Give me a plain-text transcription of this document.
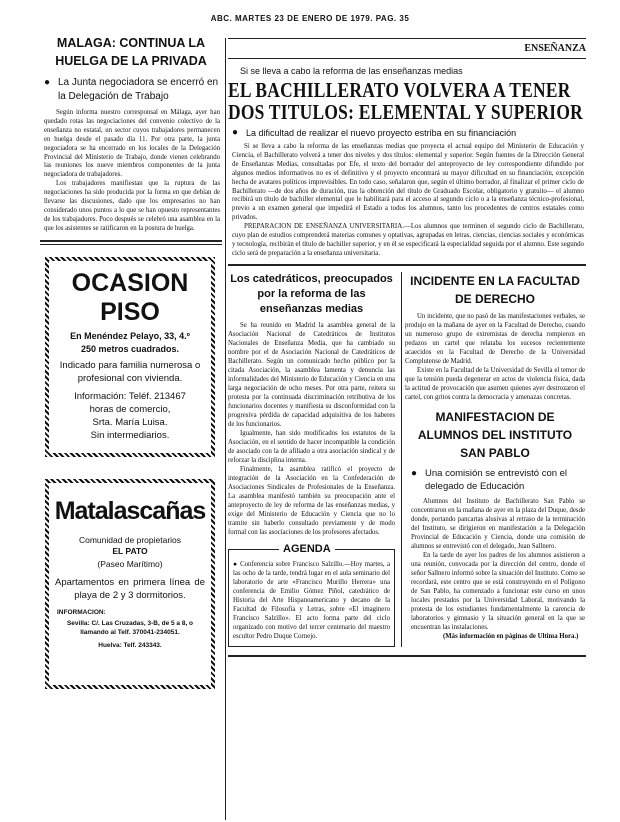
ABC. MARTES 23 DE ENERO DE 1979. PAG. 35
MALAGA: CONTINUA LA HUELGA DE LA PRIVADA
● La Junta negociadora se encerró en la Delegación de Trabajo

Según informa nuestro corresponsal en Málaga, ayer han quedado rotas las negociaciones del convenio colectivo de la enseñanza no estatal, un sector cuyos trabajadores permanecen en huelga desde el pasado día 11. Por otra parte, la junta negociadora se ha encerrado en los locales de la Delegación Provincial del Ministerio de Trabajo, donde vienen celebrando las reuniones los nueve miembros componentes de la junta negociadora de trabajadores.

Los trabajadores manifiestan que la ruptura de las negociaciones ha sido producida por la forma en que debían de llevarse las discusiones, dado que los empresarios no han considerado unos puntos a lo que se han opuesto representantes de los trabajadores. Poco después se celebró una asamblea en la que los asistentes se ratificaron en la postura de huelga.

OCASION
PISO
En Menéndez Pelayo, 33, 4.º
250 metros cuadrados.
Indicado para familia numerosa o profesional con vivienda.
Información: Teléf. 213467
horas de comercio,
Srta. María Luisa.
Sin intermediarios.
Matalascañas
Comunidad de propietarios
EL PATO
(Paseo Marítimo)
Apartamentos en primera línea de playa de 2 y 3 dormitorios.
INFORMACION:
Sevilla: C/. Las Cruzadas, 3-B, de 5 a 8, o llamando al Telf. 370041-234051.
Huelva: Telf. 243343.
ENSEÑANZA
Si se lleva a cabo la reforma de las enseñanzas medias
EL BACHILLERATO VOLVERA A TENER
DOS TITULOS: ELEMENTAL Y SUPERIOR
● La dificultad de realizar el nuevo proyecto estriba en su financiación

Si se lleva a cabo la reforma de las enseñanzas medias que proyecta el actual equipo del Ministerio de Educación y Ciencia, el Bachillerato volverá a tener dos niveles y dos títulos: elemental y superior. Según fuentes de la Dirección General de Enseñanzas Medias, consultadas por Efe, el texto del borrador del anteproyecto de ley correspondiente difundido por algunos medios informativos no es el definitivo y el proyecto encontrará su mayor dificultad en su financiación, excepción hecha de avatares políticos imprevisibles. En todo caso, señalaron que, según el último borrador, al finalizar el primer ciclo de Bachillerato —de dos años de duración, tras la obtención del título de Graduado Escolar, obligatorio y gratuito— el alumno recibirá un título de bachiller elemental que le habilitará para el acceso al segundo ciclo o a la enseñanza técnico-profesional, previo a un examen general que impedirá el Estado a todos los alumnos, tanto los procedentes de centros estatales como privados.

PREPARACION DE ENSEÑANZA UNIVERSITARIA.—Los alumnos que terminen el segundo ciclo de Bachillerato, cuyo plan de estudios comprenderá materias comunes y optativas, agrupadas en letras, ciencias, ciencias sociales y económicas y tecnología, recibirán el título de bachiller superior, y en él se especificará la especialidad seguida por el alumno. Este segundo ciclo será de preparación a la enseñanza universitaria.

Los catedráticos, preocupados por la reforma de las enseñanzas medias

Se ha reunido en Madrid la asamblea general de la Asociación Nacional de Catedráticos de Institutos Nacionales de Enseñanza Media, que ha cambiado su nombre por el de Asociación Nacional de Catedráticos de Bachillerato. Según un comunicado hecho público por la citada Asociación, la asamblea lamenta y denuncia las informalidades del Ministerio de Educación y Ciencia en una larga negociación de ocho meses. Por otra parte, reitera su protesta por la continuada discriminación retributiva de los funcionarios docentes y manifiesta su disconformidad con la progresiva pérdida de capacidad adquisitiva de los haberes de los funcionarios.

Igualmente, han sido modificados los estatutos de la Asociación, en el sentido de hacer incompatible la condición de asociado con la de afiliado a otra asociación sindical y de reforzar la disciplina interna.

Finalmente, la asamblea ratificó el proyecto de integración de la Asociación en la Confederación de Asociaciones Sindicales de Profesionales de la Enseñanza. La asamblea manifestó también su preocupación ante el anteproyecto de ley de reforma de las enseñanzas medias, y exige del Ministerio de Educación y Ciencia que no lo tramite sin haberlo consultado previamente y de modo formal con las asociaciones de los profesores afectados.

AGENDA
● Conferencia sobre Francisco Salzillo.—Hoy martes, a las ocho de la tarde, tendrá lugar en el aula seminario del laboratorio de arte «Francisco Murillo Herrera» una conferencia de Emilio Gómez Piñol, catedrático de Historia del Arte Hispanoamericano y decano de la Facultad de Filosofía y Letras, sobre «El imaginero Francisco Salzillo». El acto forma parte del ciclo organizado con motivo del tercer centenario del maestro escultor Pedro Duque Cornejo.
INCIDENTE EN LA FACULTAD DE DERECHO

Un incidente, que no pasó de las manifestaciones verbales, se produjo en la mañana de ayer en la Facultad de Derecho, cuando un numeroso grupo de extremistas de derecha rompieron en pedazos un cartel que relataba los sucesos recientemente acaecidos en la Facultad de Derecho de la Universidad Complutense de Madrid.

Existe en la Facultad de la Universidad de Sevilla el temor de que la tensión pueda degenerar en actos de violencia física, dada la actitud de provocación que asumen quienes ayer destrozaron el cartel, con gritos contra la democracia y amenazas concretas.

MANIFESTACION DE ALUMNOS DEL INSTITUTO SAN PABLO
● Una comisión se entrevistó con el delegado de Educación

Alumnos del Instituto de Bachillerato San Pablo se concentraron en la mañana de ayer en la plaza del Duque, desde donde, portando pancartas alusivas al retraso de la terminación del Instituto, se dirigieron en manifestación a la Delegación Provincial de Educación y Ciencia, donde una comisión de alumnos se entrevistó con el delegado, Juan Sallnero.

En la tarde de ayer los padres de los alumnos asistieron a una reunión, convocada por la dirección del centro, donde el señor Sallnero informó sobre la situación del Instituto. Como se recordará, este centro que se está construyendo en el Polígono de San Pablo, ha comenzado a funcionar este curso en unos locales prestados por la Universidad Laboral, motivando la protesta de los estudiantes fundamentalmente la carencia de laboratorios y gimnasio y la situación general en la que se encuentran las instalaciones.

(Más información en páginas de Ultima Hora.)
